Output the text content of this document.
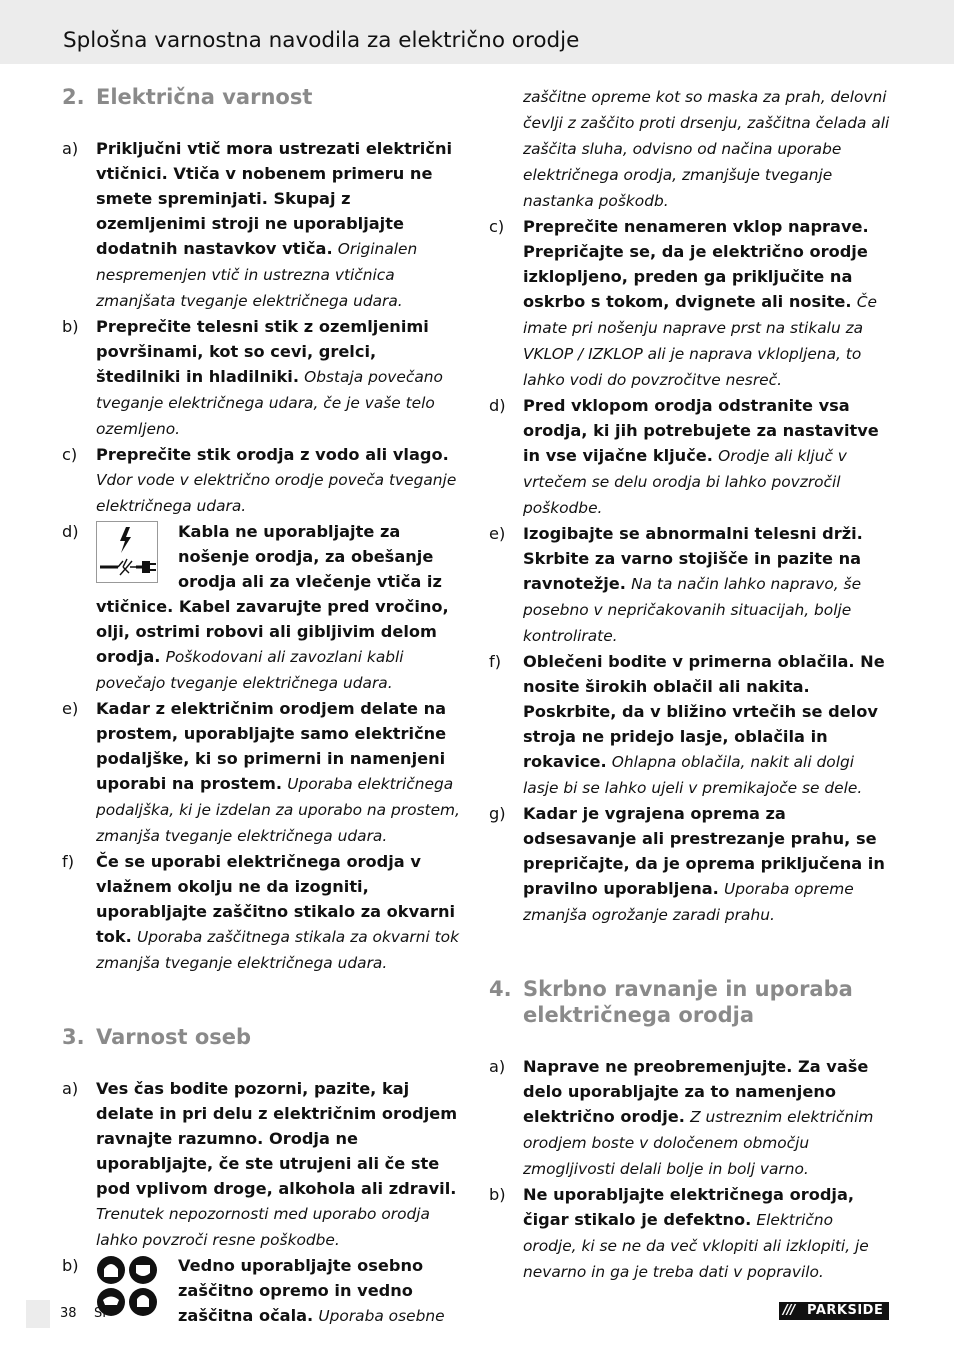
Splošna varnostna navodila za električno orodje
2. Električna varnost
a)	Priključni vtič mora ustrezati električni vtičnici. Vtiča v nobenem primeru ne smete spreminjati. Skupaj z ozemljenimi stroji ne uporabljajte dodatnih nastavkov vtiča. Originalen nespremenjen vtič in ustrezna vtičnica zmanjšata tveganje električnega udara.
b)	Preprečite telesni stik z ozemljenimi površinami, kot so cevi, grelci, štedilniki in hladilniki. Obstaja povečano tveganje električnega udara, če je vaše telo ozemljeno.
c)	Preprečite stik orodja z vodo ali vlago. Vdor vode v električno orodje poveča tveganje električnega udara.
d)	Kabla ne uporabljajte za nošenje orodja, za obešanje orodja ali za vlečenje vtiča iz vtičnice. Kabel zavarujte pred vročino, olji, ostrimi robovi ali gibljivim delom orodja. Poškodovani ali zavozlani kabli povečajo tveganje električnega udara.
e)	Kadar z električnim orodjem delate na prostem, uporabljajte samo električne podaljške, ki so primerni in namenjeni uporabi na prostem. Uporaba električnega podaljška, ki je izdelan za uporabo na prostem, zmanjša tveganje električnega udara.
f)	Če se uporabi električnega orodja v vlažnem okolju ne da izogniti, uporabljajte zaščitno stikalo za okvarni tok. Uporaba zaščitnega stikala za okvarni tok zmanjša tveganje električnega udara.
3. Varnost oseb
a)	Ves čas bodite pozorni, pazite, kaj delate in pri delu z električnim orodjem ravnajte razumno. Orodja ne uporabljajte, če ste utrujeni ali če ste pod vplivom droge, alkohola ali zdravil. Trenutek nepozornosti med uporabo orodja lahko povzroči resne poškodbe.
b)	Vedno uporabljajte osebno zaščitno opremo in vedno zaščitna očala. Uporaba osebne
zaščitne opreme kot so maska za prah, delovni čevlji z zaščito proti drsenju, zaščitna čelada ali zaščita sluha, odvisno od načina uporabe električnega orodja, zmanjšuje tveganje nastanka poškodb.
c)	Preprečite nenameren vklop naprave. Prepričajte se, da je električno orodje izklopljeno, preden ga priključite na oskrbo s tokom, dvignete ali nosite. Če imate pri nošenju naprave prst na stikalu za VKLOP / IZKLOP ali je naprava vklopljena, to lahko vodi do povzročitve nesreč.
d)	Pred vklopom orodja odstranite vsa orodja, ki jih potrebujete za nastavitve in vse vijačne ključe. Orodje ali ključ v vrtečem se delu orodja bi lahko povzročil poškodbe.
e)	Izogibajte se abnormalni telesni drži. Skrbite za varno stojišče in pazite na ravnotežje. Na ta način lahko napravo, še posebno v nepričakovanih situacijah, bolje kontrolirate.
f)	Oblečeni bodite v primerna oblačila. Ne nosite širokih oblačil ali nakita. Poskrbite, da v bližino vrtečih se delov stroja ne pridejo lasje, oblačila in rokavice. Ohlapna oblačila, nakit ali dolgi lasje bi se lahko ujeli v premikajoče se dele.
g)	Kadar je vgrajena oprema za odsesavanje ali prestrezanje prahu, se prepričajte, da je oprema priključena in pravilno uporabljena. Uporaba opreme zmanjša ogrožanje zaradi prahu.
4. Skrbno ravnanje in uporaba električnega orodja
a)	Naprave ne preobremenjujte. Za vaše delo uporabljajte za to namenjeno električno orodje. Z ustreznim električnim orodjem boste v določenem območju zmogljivosti delali bolje in bolj varno.
b)	Ne uporabljajte električnega orodja, čigar stikalo je defektno. Električno orodje, ki se ne da več vklopiti ali izklopiti, je nevarno in ga je treba dati v popravilo.
38 SI	/// PARKSIDE
